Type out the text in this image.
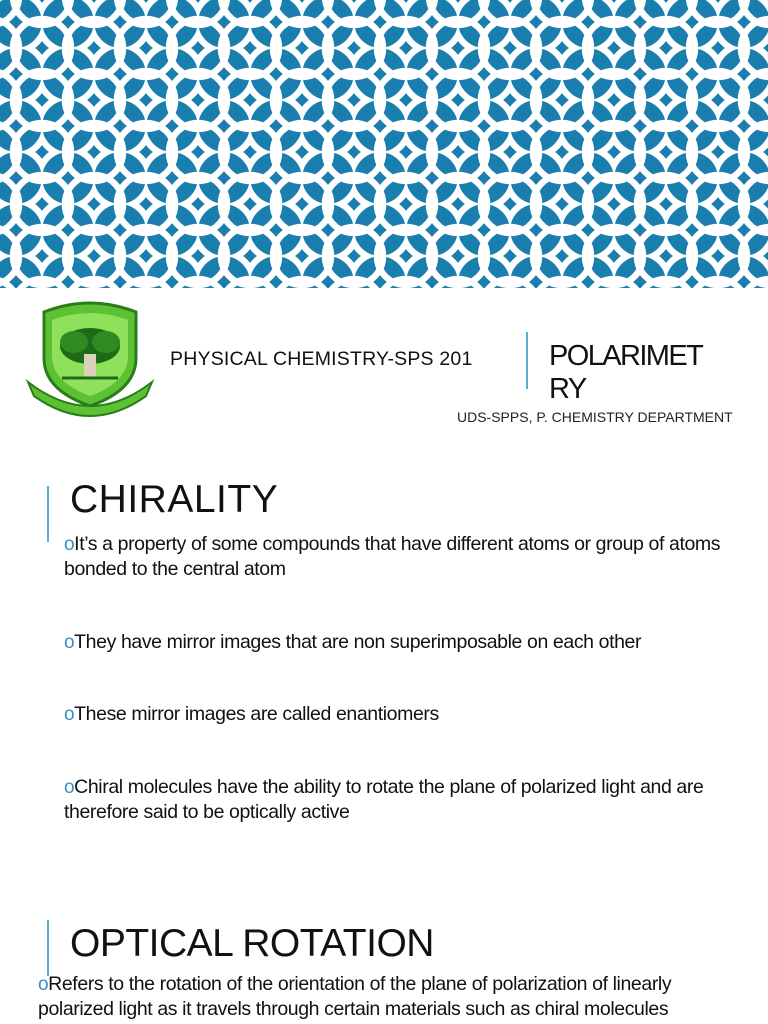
PHYSICAL CHEMISTRY-SPS 201	POLARIMETRY
UDS-SPPS, P. CHEMISTRY DEPARTMENT
CHIRALITY
oIt’s a property of some compounds that have different atoms or group of atoms bonded to the central atom
oThey have mirror images that are non superimposable on each other
oThese mirror images are called enantiomers
oChiral molecules have the ability to rotate the plane of polarized light and are therefore said to be optically active
OPTICAL ROTATION
oRefers to the rotation of the orientation of the plane of polarization of linearly polarized light as it travels through certain materials such as chiral molecules
